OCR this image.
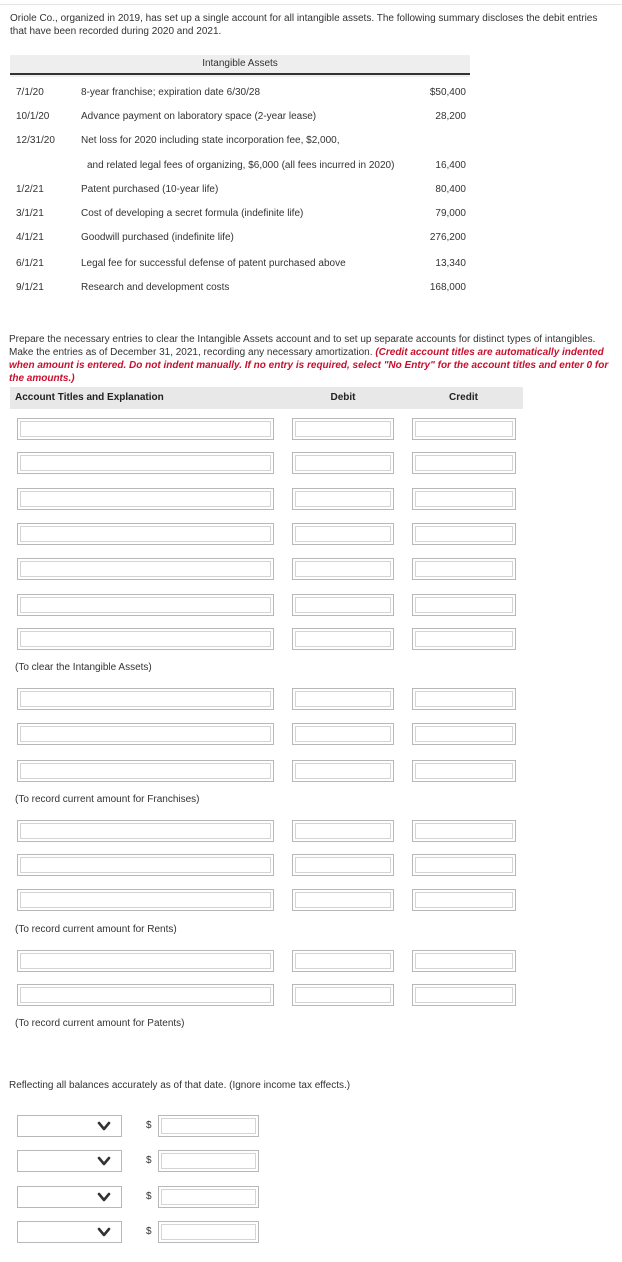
Oriole Co., organized in 2019, has set up a single account for all intangible assets. The following summary discloses the debit entries that have been recorded during 2020 and 2021.
Intangible Assets
7/1/20	8-year franchise; expiration date 6/30/28	$50,400
10/1/20	Advance payment on laboratory space (2-year lease)	28,200
12/31/20	Net loss for 2020 including state incorporation fee, $2,000,
and related legal fees of organizing, $6,000 (all fees incurred in 2020)	16,400
1/2/21	Patent purchased (10-year life)	80,400
3/1/21	Cost of developing a secret formula (indefinite life)	79,000
4/1/21	Goodwill purchased (indefinite life)	276,200
6/1/21	Legal fee for successful defense of patent purchased above	13,340
9/1/21	Research and development costs	168,000
Prepare the necessary entries to clear the Intangible Assets account and to set up separate accounts for distinct types of intangibles. Make the entries as of December 31, 2021, recording any necessary amortization. (Credit account titles are automatically indented when amount is entered. Do not indent manually. If no entry is required, select "No Entry" for the account titles and enter 0 for the amounts.)
Account Titles and Explanation	Debit	Credit
(To clear the Intangible Assets)
(To record current amount for Franchises)
(To record current amount for Rents)
(To record current amount for Patents)
Reflecting all balances accurately as of that date. (Ignore income tax effects.)
$
$
$
$
